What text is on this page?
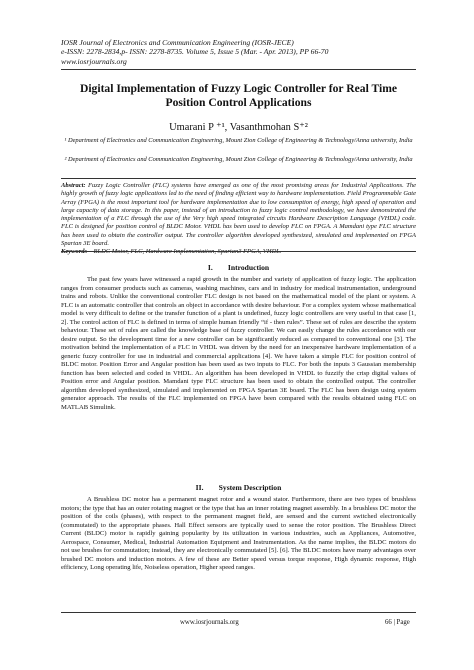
IOSR Journal of Electronics and Communication Engineering (IOSR-JECE)
e-ISSN: 2278-2834,p- ISSN: 2278-8735. Volume 5, Issue 5 (Mar. - Apr. 2013), PP 66-70
www.iosrjournals.org
Digital Implementation of Fuzzy Logic Controller for Real Time Position Control Applications
Umarani P ⁺¹, Vasanthmohan S⁺²
¹ Department of Electronics and Communication Engineering, Mount Zion College of Engineering & Technology/Anna university, India
² Department of Electronics and Communication Engineering, Mount Zion College of Engineering & Technology/Anna university, India
Abstract: Fuzzy Logic Controller (FLC) systems have emerged as one of the most promising areas for Industrial Applications. The highly growth of fuzzy logic applications led to the need of finding efficient way to hardware implementation. Field Programmable Gate Array (FPGA) is the most important tool for hardware implementation due to low consumption of energy, high speed of operation and large capacity of data storage. In this paper, instead of an introduction to fuzzy logic control methodology, we have demonstrated the implementation of a FLC through the use of the Very high speed integrated circuits Hardware Description Language (VHDL) code. FLC is designed for position control of BLDC Motor. VHDL has been used to develop FLC on FPGA. A Mamdani type FLC structure has been used to obtain the controller output. The controller algorithm developed synthesized, simulated and implemented on FPGA Spartan 3E board.
Keywords – BLDC Motor, FLC, Hardware Implementation, Spartan3 FPGA, VHDL.
I.  Introduction
The past few years have witnessed a rapid growth in the number and variety of application of fuzzy logic. The application ranges from consumer products such as cameras, washing machines, cars and in industry for medical instrumentation, underground trains and robots. Unlike the conventional controller FLC design is not based on the mathematical model of the plant or system. A FLC is an automatic controller that controls an object in accordance with desire behaviour. For a complex system whose mathematical model is very difficult to define or the transfer function of a plant is undefined, fuzzy logic controllers are very useful in that case [1, 2]. The control action of FLC is defined in terms of simple human friendly “if - then rules”. These set of rules are describe the system behaviour. These set of rules are called the knowledge base of fuzzy controller. We can easily change the rules accordance with our desire output. So the development time for a new controller can be significantly reduced as compared to conventional one [3]. The motivation behind the implementation of a FLC in VHDL was driven by the need for an inexpensive hardware implementation of a generic fuzzy controller for use in industrial and commercial applications [4]. We have taken a simple FLC for position control of BLDC motor. Position Error and Angular position has been used as two inputs to FLC. For both the inputs 3 Gaussian membership function has been selected and coded in VHDL. An algorithm has been developed in VHDL to fuzzify the crisp digital values of Position error and Angular position. Mamdani type FLC structure has been used to obtain the controlled output. The controller algorithm developed synthesized, simulated and implemented on FPGA Spartan 3E board. The FLC has been design using system generator approach. The results of the FLC implemented on FPGA have been compared with the results obtained using FLC on MATLAB Simulink.
II.  System Description
A Brushless DC motor has a permanent magnet rotor and a wound stator. Furthermore, there are two types of brushless motors; the type that has an outer rotating magnet or the type that has an inner rotating magnet assembly. In a brushless DC motor the position of the coils (phases), with respect to the permanent magnet field, are sensed and the current switched electronically (commutated) to the appropriate phases. Hall Effect sensors are typically used to sense the rotor position. The Brushless Direct Current (BLDC) motor is rapidly gaining popularity by its utilization in various industries, such as Appliances, Automotive, Aerospace, Consumer, Medical, Industrial Automation Equipment and Instrumentation. As the name implies, the BLDC motors do not use brushes for commutation; instead, they are electronically commutated [5]. [6]. The BLDC motors have many advantages over brushed DC motors and induction motors. A few of these are Better speed versus torque response, High dynamic response, High efficiency, Long operating life, Noiseless operation, Higher speed ranges.
www.iosrjournals.org	66 | Page
